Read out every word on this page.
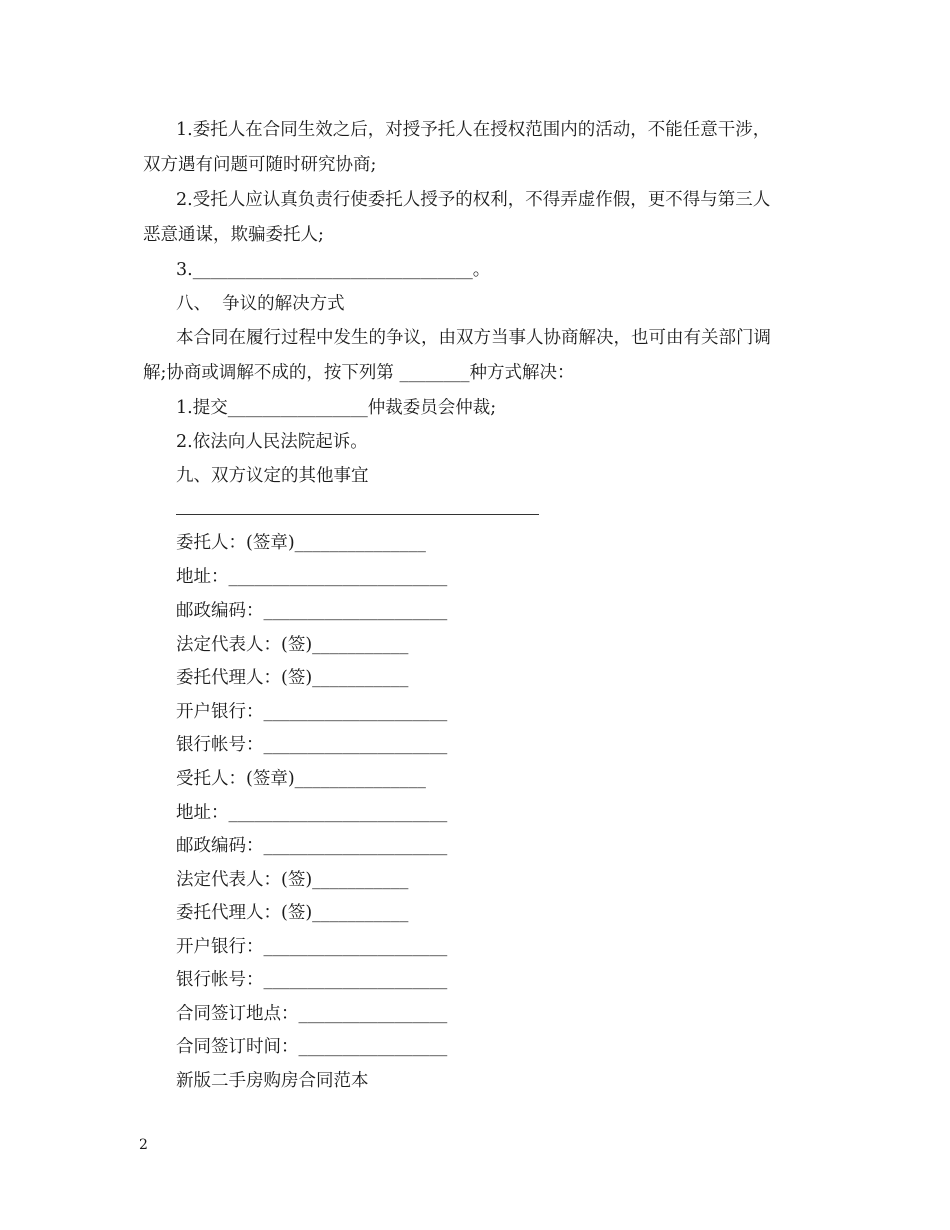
1.委托人在合同生效之后，对授予托人在授权范围内的活动，不能任意干涉，
双方遇有问题可随时研究协商;
2.受托人应认真负责行使委托人授予的权利，不得弄虚作假，更不得与第三人
恶意通谋，欺骗委托人;
3.________________________________。
八、  争议的解决方式
本合同在履行过程中发生的争议，由双方当事人协商解决，也可由有关部门调
解;协商或调解不成的，按下列第 ________种方式解决：
1.提交________________仲裁委员会仲裁;
2.依法向人民法院起诉。
九、双方议定的其他事宜
委托人：(签章)_______________
地址：_________________________
邮政编码：_____________________
法定代表人：(签)___________
委托代理人：(签)___________
开户银行：_____________________
银行帐号：_____________________
受托人：(签章)_______________
地址：_________________________
邮政编码：_____________________
法定代表人：(签)___________
委托代理人：(签)___________
开户银行：_____________________
银行帐号：_____________________
合同签订地点：_________________
合同签订时间：_________________
新版二手房购房合同范本
2
